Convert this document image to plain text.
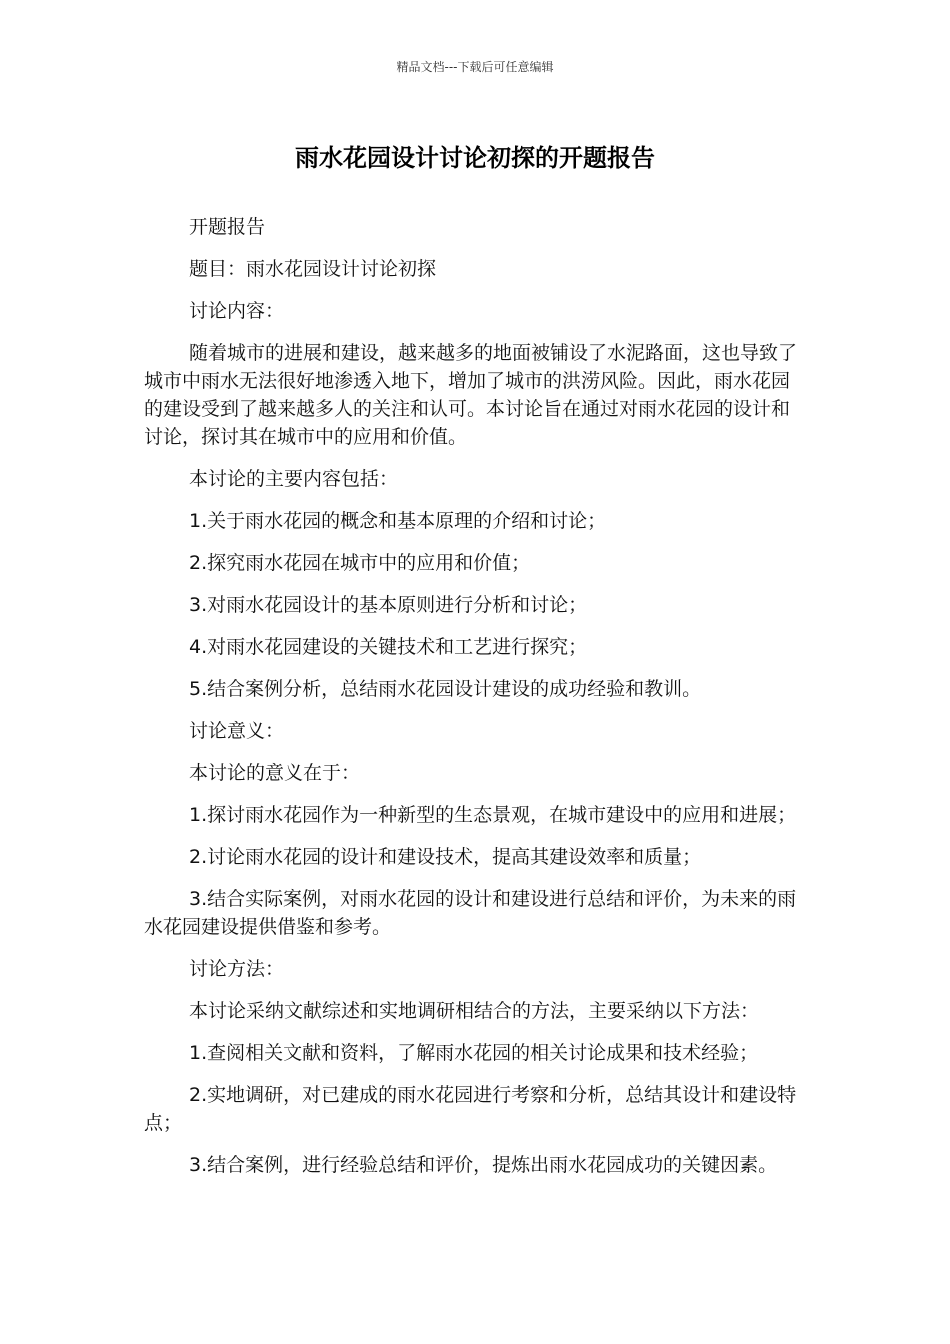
精品文档---下载后可任意编辑
雨水花园设计讨论初探的开题报告

开题报告

题目：雨水花园设计讨论初探

讨论内容：

随着城市的进展和建设，越来越多的地面被铺设了水泥路面，这也导致了城市中雨水无法很好地渗透入地下，增加了城市的洪涝风险。因此，雨水花园的建设受到了越来越多人的关注和认可。本讨论旨在通过对雨水花园的设计和讨论，探讨其在城市中的应用和价值。

本讨论的主要内容包括：

1.关于雨水花园的概念和基本原理的介绍和讨论；

2.探究雨水花园在城市中的应用和价值；

3.对雨水花园设计的基本原则进行分析和讨论；

4.对雨水花园建设的关键技术和工艺进行探究；

5.结合案例分析，总结雨水花园设计建设的成功经验和教训。

讨论意义：

本讨论的意义在于：

1.探讨雨水花园作为一种新型的生态景观，在城市建设中的应用和进展；

2.讨论雨水花园的设计和建设技术，提高其建设效率和质量；

3.结合实际案例，对雨水花园的设计和建设进行总结和评价，为未来的雨水花园建设提供借鉴和参考。

讨论方法：

本讨论采纳文献综述和实地调研相结合的方法，主要采纳以下方法：

1.查阅相关文献和资料，了解雨水花园的相关讨论成果和技术经验；

2.实地调研，对已建成的雨水花园进行考察和分析，总结其设计和建设特点；

3.结合案例，进行经验总结和评价，提炼出雨水花园成功的关键因素。
